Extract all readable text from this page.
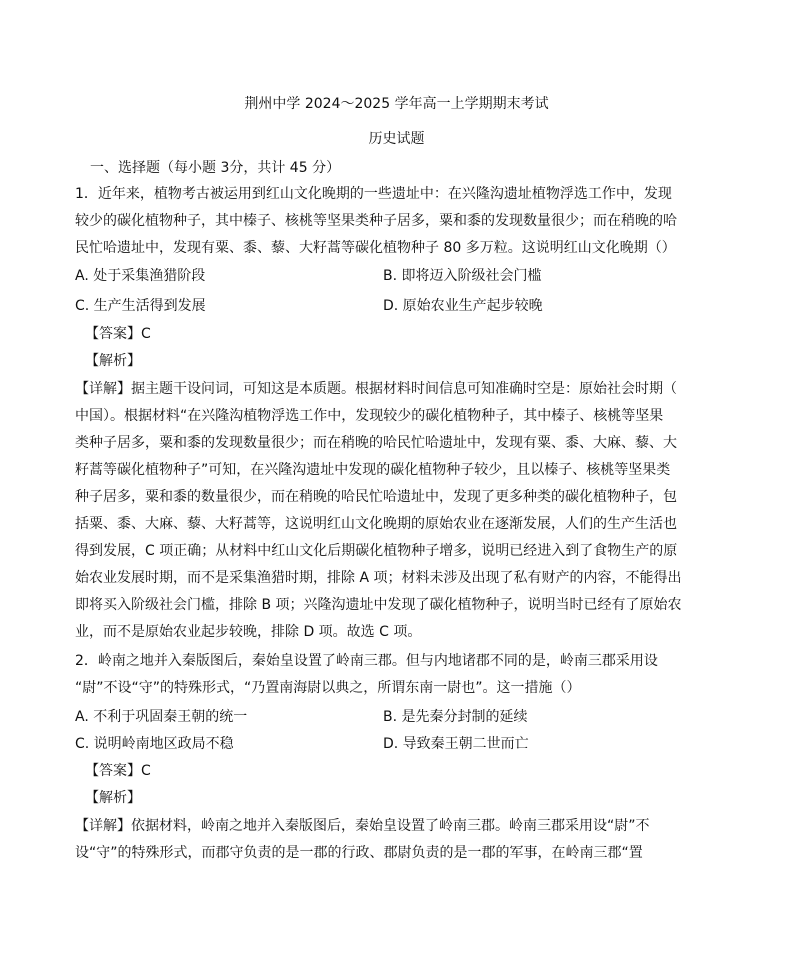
荆州中学 2024～2025 学年高一上学期期末考试
历史试题
一、选择题（每小题 3分，共计 45 分）
1．近年来，植物考古被运用到红山文化晚期的一些遗址中：在兴隆沟遗址植物浮选工作中，发现
较少的碳化植物种子，其中榛子、核桃等坚果类种子居多，粟和黍的发现数量很少；而在稍晚的哈
民忙哈遗址中，发现有粟、黍、藜、大籽蒿等碳化植物种子 80 多万粒。这说明红山文化晚期（）
A. 处于采集渔猎阶段	B. 即将迈入阶级社会门槛
C. 生产生活得到发展	D. 原始农业生产起步较晚
【答案】C
【解析】
【详解】据主题干设问词，可知这是本质题。根据材料时间信息可知准确时空是：原始社会时期（
中国）。根据材料“在兴隆沟植物浮选工作中，发现较少的碳化植物种子，其中榛子、核桃等坚果
类种子居多，粟和黍的发现数量很少；而在稍晚的哈民忙哈遗址中，发现有粟、黍、大麻、藜、大
籽蒿等碳化植物种子”可知，在兴隆沟遗址中发现的碳化植物种子较少，且以榛子、核桃等坚果类
种子居多，粟和黍的数量很少，而在稍晚的哈民忙哈遗址中，发现了更多种类的碳化植物种子，包
括粟、黍、大麻、藜、大籽蒿等，这说明红山文化晚期的原始农业在逐渐发展，人们的生产生活也
得到发展，C 项正确；从材料中红山文化后期碳化植物种子增多，说明已经进入到了食物生产的原
始农业发展时期，而不是采集渔猎时期，排除 A 项；材料未涉及出现了私有财产的内容，不能得出
即将买入阶级社会门槛，排除 B 项；兴隆沟遗址中发现了碳化植物种子，说明当时已经有了原始农
业，而不是原始农业起步较晚，排除 D 项。故选 C 项。
2．岭南之地并入秦版图后，秦始皇设置了岭南三郡。但与内地诸郡不同的是，岭南三郡采用设
“尉”不设“守”的特殊形式，“乃置南海尉以典之，所谓东南一尉也”。这一措施（）
A. 不利于巩固秦王朝的统一	B. 是先秦分封制的延续
C. 说明岭南地区政局不稳	D. 导致秦王朝二世而亡
【答案】C
【解析】
【详解】依据材料，岭南之地并入秦版图后，秦始皇设置了岭南三郡。岭南三郡采用设“尉”不
设“守”的特殊形式，而郡守负责的是一郡的行政、郡尉负责的是一郡的军事，在岭南三郡“置
